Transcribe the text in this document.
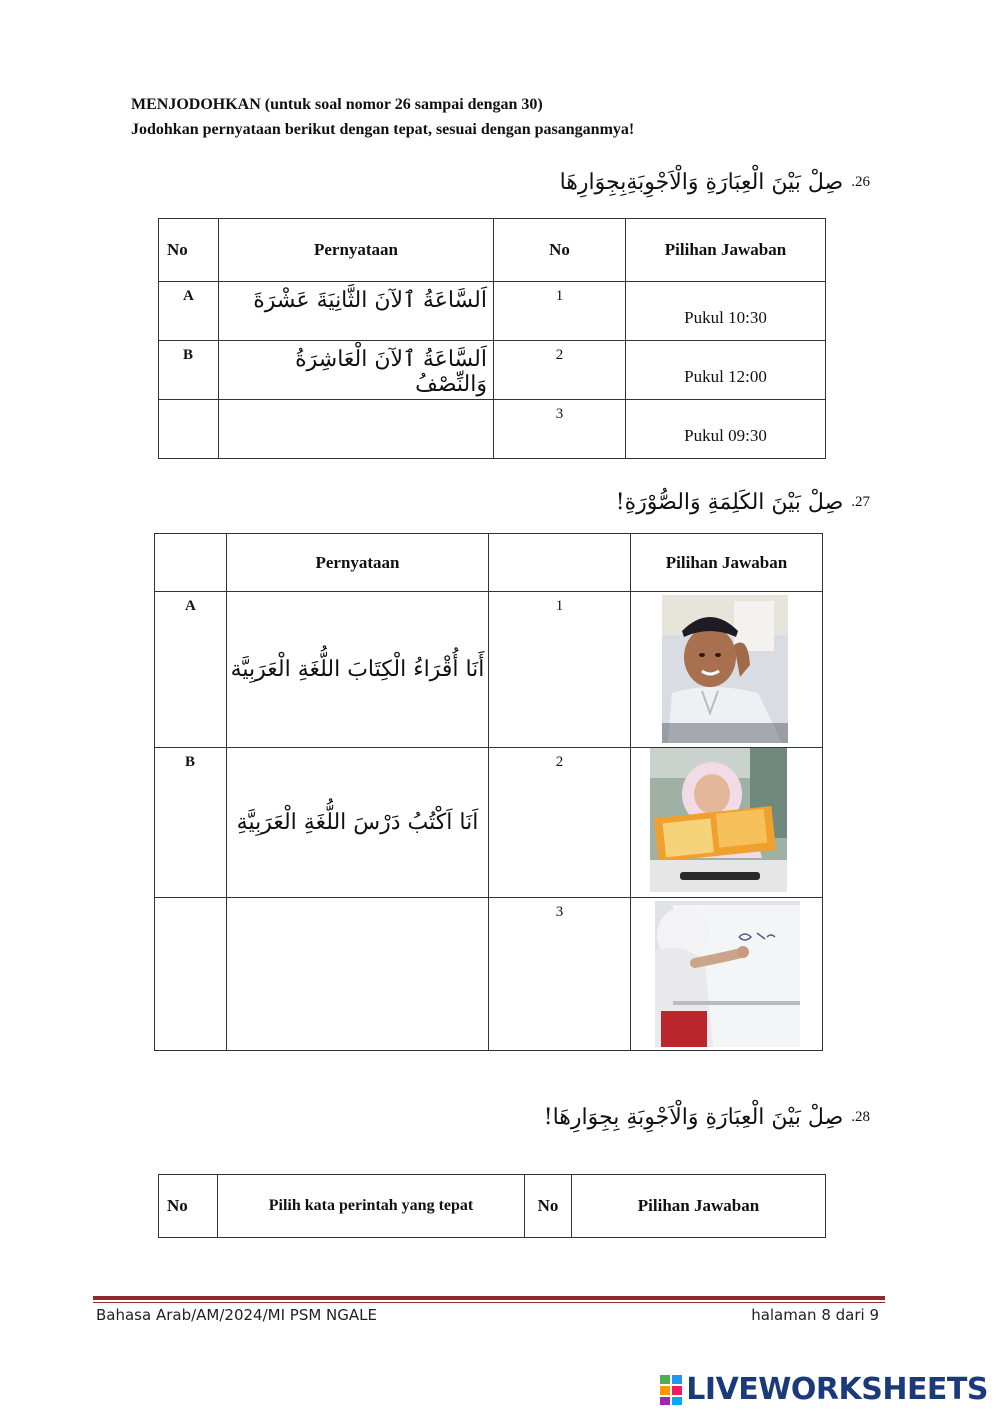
MENJODOHKAN (untuk soal nomor 26 sampai dengan 30)
Jodohkan pernyataan berikut dengan tepat, sesuai dengan pasanganmya!
صِلْ بَيْنَ الْعِبَارَةِ وَالْاَجْوِبَةِبِجِوَارِهَا .26
No	Pernyataan	No	Pilihan Jawaban

A	اَلسَّاعَةُ ٱلآنَ الثَّانِيَةَ عَشْرَةَ	1	Pukul 10:30

B	اَلسَّاعَةُ ٱلآنَ الْعَاشِرَةُ وَالنِّصْفُ	2	Pukul 12:00

		3	Pukul 09:30
صِلْ بَيْنَ الكَلِمَةِ وَالصُّوْرَةِ! .27
	Pernyataan		Pilihan Jawaban

A	أَنَا أُقْرَاءُ الْكِتَابَ اللُّغَةِ الْعَرَبِيَّة	1	

B	اَنَا اَكْتُبُ دَرْسَ اللُّغَةِ الْعَرَبِيَّةِ	2	

		3	

صِلْ بَيْنَ الْعِبَارَةِ وَالْاَجْوِبَةِ بِجِوَارِهَا! .28
No	Pilih kata perintah yang tepat	No	Pilihan Jawaban
Bahasa Arab/AM/2024/MI PSM NGALE	halaman 8 dari 9
LIVEWORKSHEETS
